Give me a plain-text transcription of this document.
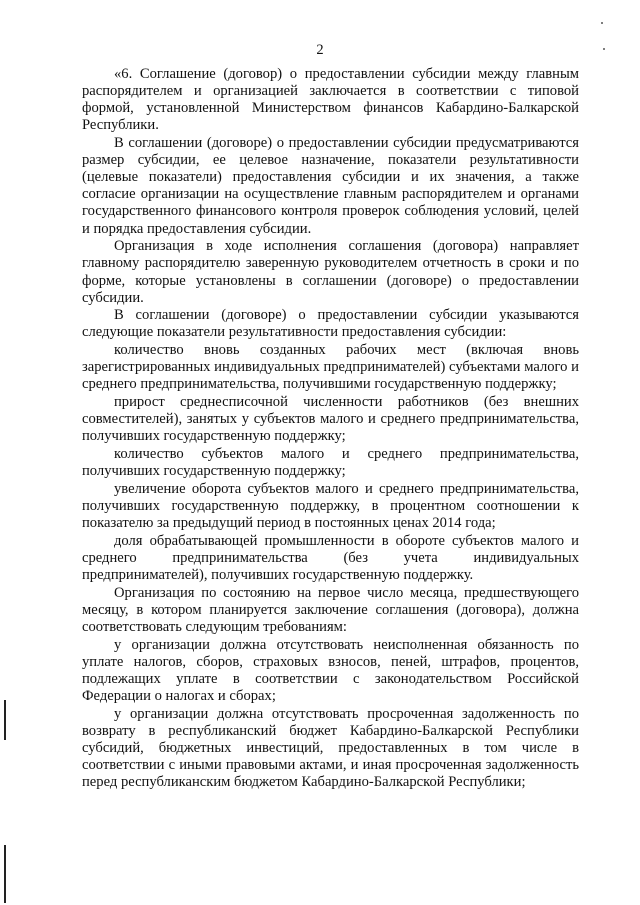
2

«6. Соглашение (договор) о предоставлении субсидии между главным распорядителем и организацией заключается в соответствии с типовой формой, установленной Министерством финансов Кабардино-Балкарской Республики.

В соглашении (договоре) о предоставлении субсидии предусматриваются размер субсидии, ее целевое назначение, показатели результативности (целевые показатели) предоставления субсидии и их значения, а также согласие организации на осуществление главным распорядителем и органами государственного финансового контроля проверок соблюдения условий, целей и порядка предоставления субсидии.

Организация в ходе исполнения соглашения (договора) направляет главному распорядителю заверенную руководителем отчетность в сроки и по форме, которые установлены в соглашении (договоре) о предоставлении субсидии.

В соглашении (договоре) о предоставлении субсидии указываются следующие показатели результативности предоставления субсидии:

количество вновь созданных рабочих мест (включая вновь зарегистрированных индивидуальных предпринимателей) субъектами малого и среднего предпринимательства, получившими государственную поддержку;

прирост среднесписочной численности работников (без внешних совместителей), занятых у субъектов малого и среднего предпринимательства, получивших государственную поддержку;

количество субъектов малого и среднего предпринимательства, получивших государственную поддержку;

увеличение оборота субъектов малого и среднего предпринимательства, получивших государственную поддержку, в процентном соотношении к показателю за предыдущий период в постоянных ценах 2014 года;

доля обрабатывающей промышленности в обороте субъектов малого и среднего предпринимательства (без учета индивидуальных предпринимателей), получивших государственную поддержку.

Организация по состоянию на первое число месяца, предшествующего месяцу, в котором планируется заключение соглашения (договора), должна соответствовать следующим требованиям:

у организации должна отсутствовать неисполненная обязанность по уплате налогов, сборов, страховых взносов, пеней, штрафов, процентов, подлежащих уплате в соответствии с законодательством Российской Федерации о налогах и сборах;

у организации должна отсутствовать просроченная задолженность по возврату в республиканский бюджет Кабардино-Балкарской Республики субсидий, бюджетных инвестиций, предоставленных в том числе в соответствии с иными правовыми актами, и иная просроченная задолженность перед республиканским бюджетом Кабардино-Балкарской Республики;
